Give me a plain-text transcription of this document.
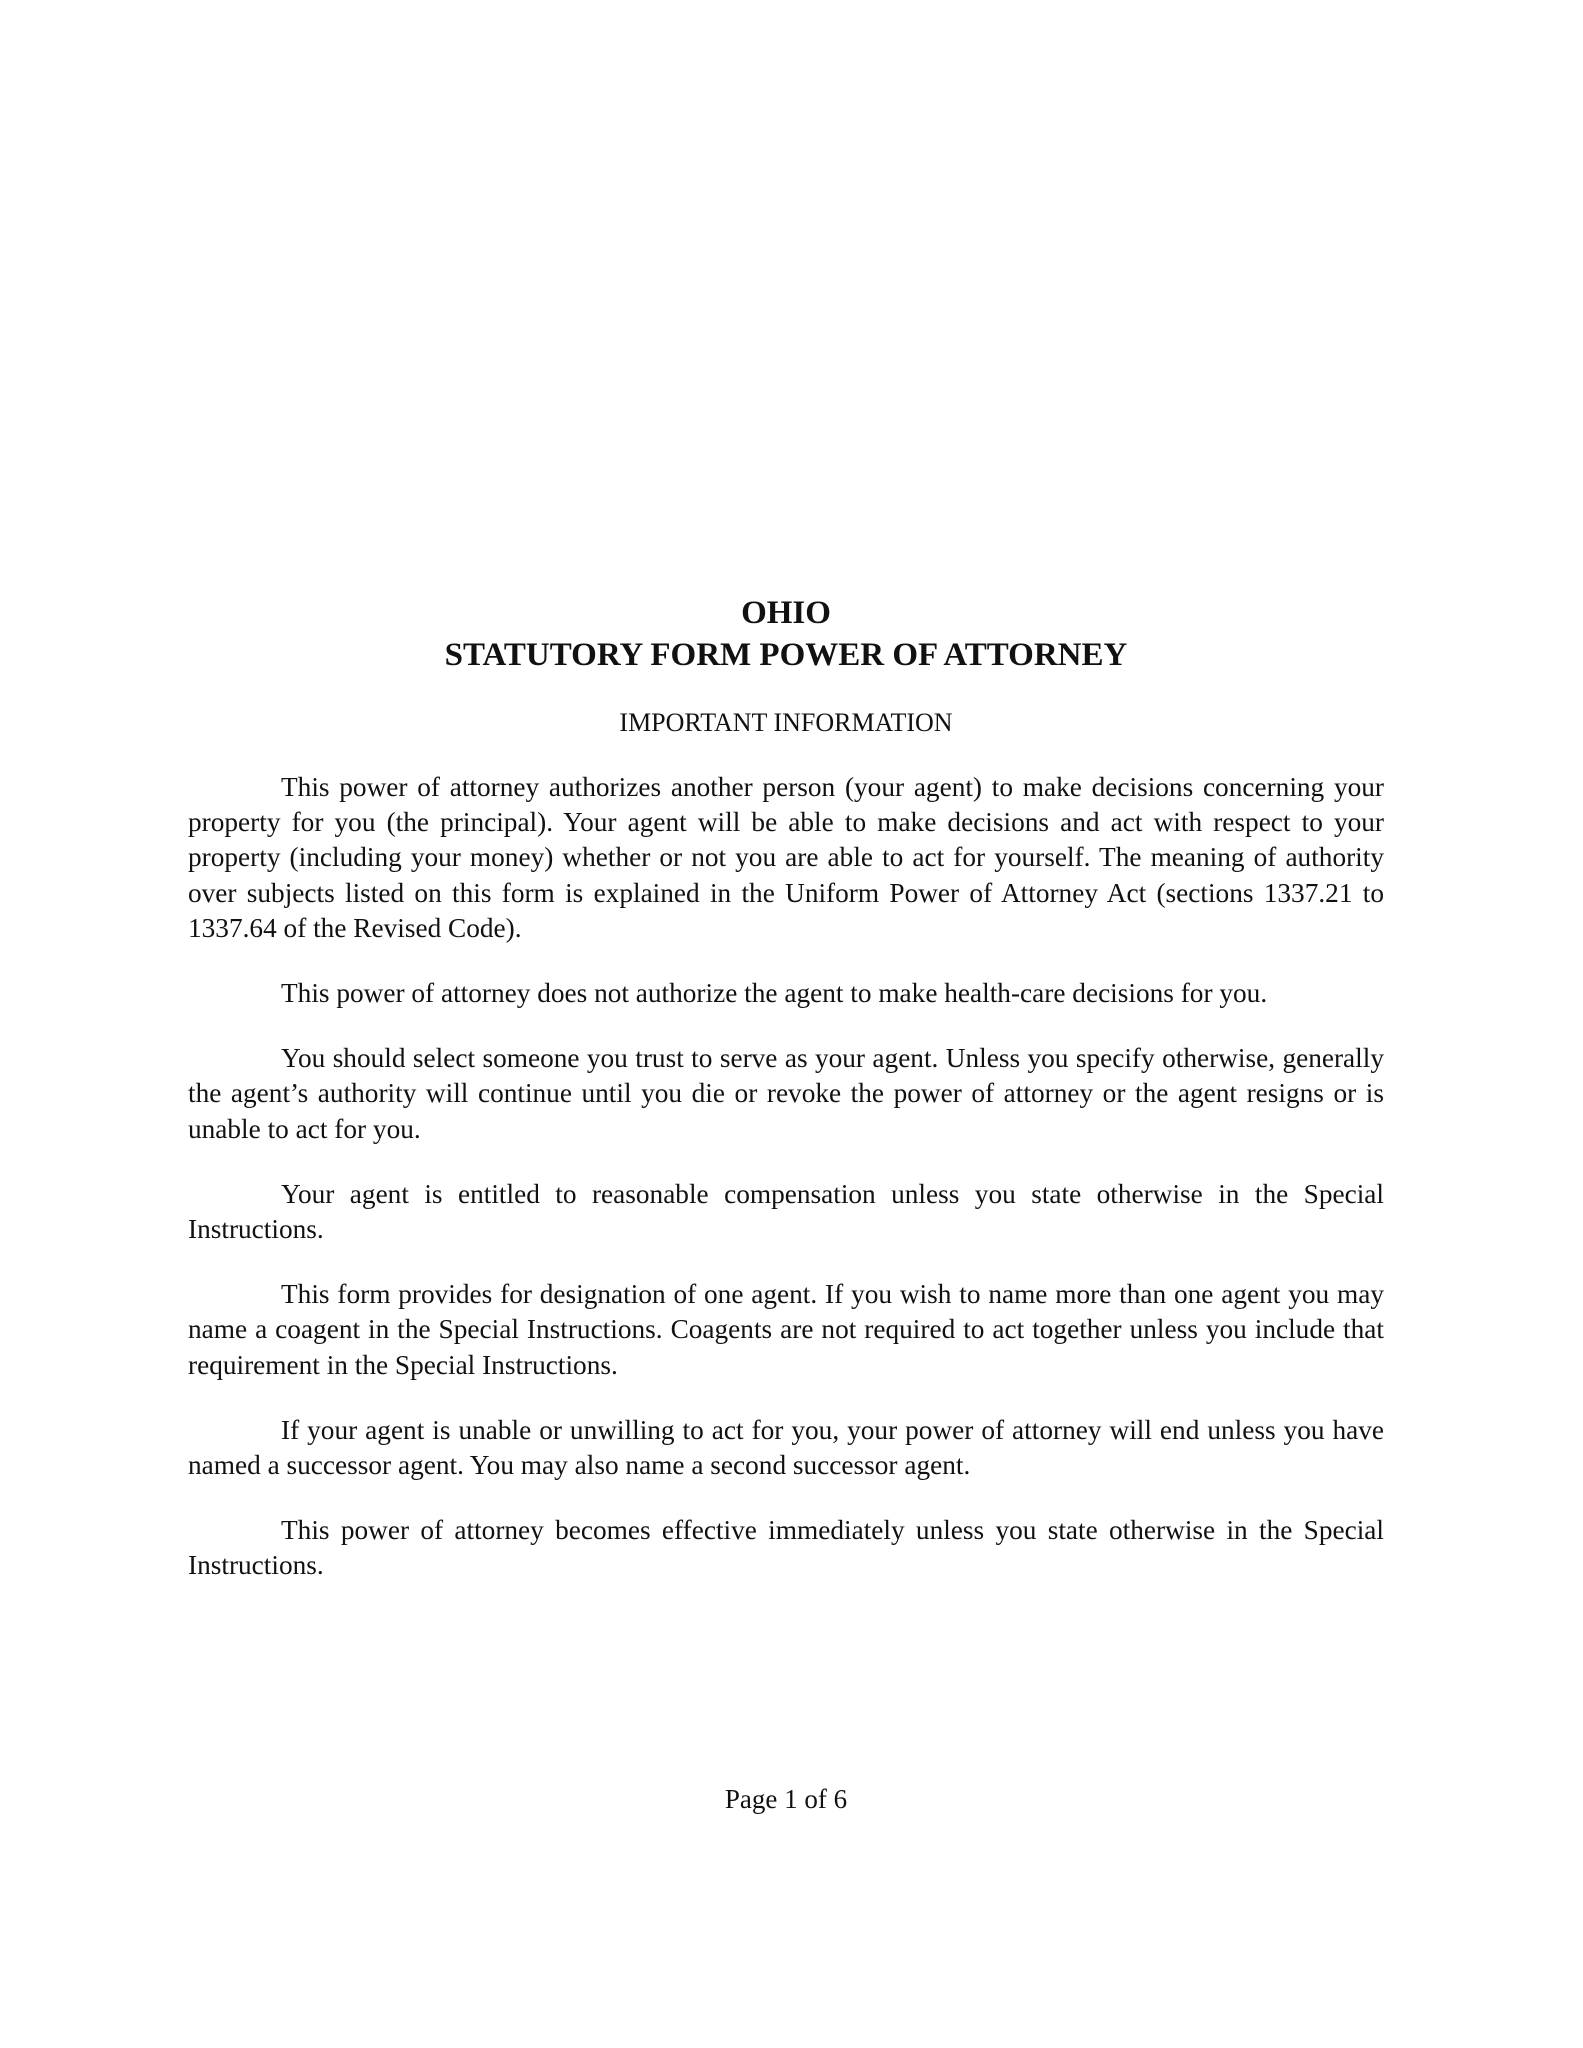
OHIO

STATUTORY FORM POWER OF ATTORNEY

IMPORTANT INFORMATION

This power of attorney authorizes another person (your agent) to make decisions concerning your property for you (the principal). Your agent will be able to make decisions and act with respect to your property (including your money) whether or not you are able to act for yourself. The meaning of authority over subjects listed on this form is explained in the Uniform Power of Attorney Act (sections 1337.21 to 1337.64 of the Revised Code).

This power of attorney does not authorize the agent to make health-care decisions for you.

You should select someone you trust to serve as your agent. Unless you specify otherwise, generally the agent’s authority will continue until you die or revoke the power of attorney or the agent resigns or is unable to act for you.

Your agent is entitled to reasonable compensation unless you state otherwise in the Special Instructions.

This form provides for designation of one agent. If you wish to name more than one agent you may name a coagent in the Special Instructions. Coagents are not required to act together unless you include that requirement in the Special Instructions.

If your agent is unable or unwilling to act for you, your power of attorney will end unless you have named a successor agent. You may also name a second successor agent.

This power of attorney becomes effective immediately unless you state otherwise in the Special Instructions.

Page 1 of 6
